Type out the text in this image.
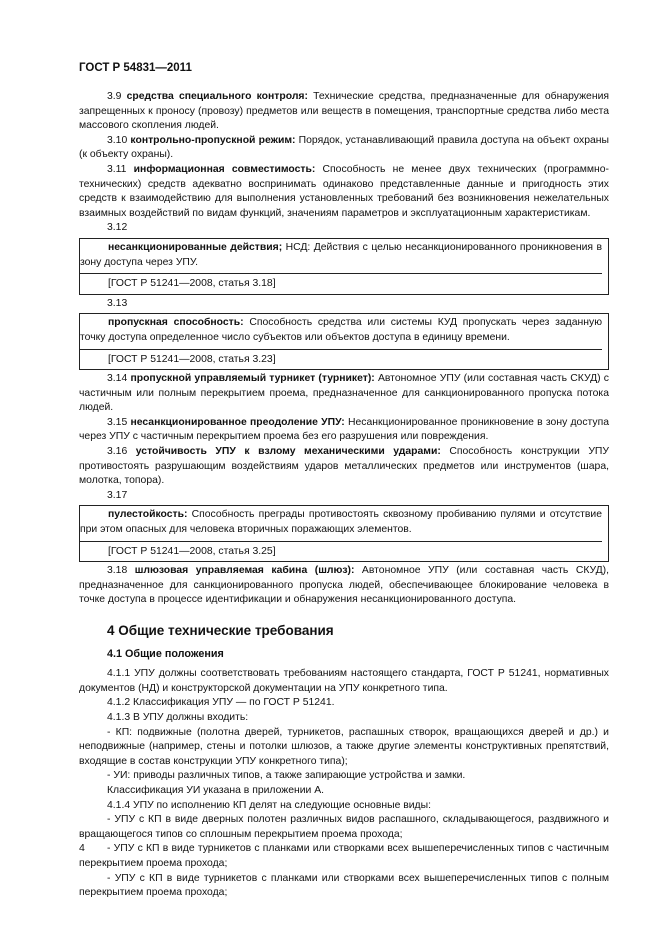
ГОСТ Р 54831—2011

3.9 средства специального контроля: Технические средства, предназначенные для обнаружения запрещенных к проносу (провозу) предметов или веществ в помещения, транспортные средства либо места массового скопления людей.

3.10 контрольно-пропускной режим: Порядок, устанавливающий правила доступа на объект охраны (к объекту охраны).

3.11 информационная совместимость: Способность не менее двух технических (программно-технических) средств адекватно воспринимать одинаково представленные данные и пригодность этих средств к взаимодействию для выполнения установленных требований без возникновения нежелательных взаимных воздействий по видам функций, значениям параметров и эксплуатационным характеристикам.

3.12

несанкционированные действия; НСД: Действия с целью несанкционированного проникновения в зону доступа через УПУ.

[ГОСТ Р 51241—2008, статья 3.18]

3.13

пропускная способность: Способность средства или системы КУД пропускать через заданную точку доступа определенное число субъектов или объектов доступа в единицу времени.

[ГОСТ Р 51241—2008, статья 3.23]

3.14 пропускной управляемый турникет (турникет): Автономное УПУ (или составная часть СКУД) с частичным или полным перекрытием проема, предназначенное для санкционированного пропуска потока людей.

3.15 несанкционированное преодоление УПУ: Несанкционированное проникновение в зону доступа через УПУ с частичным перекрытием проема без его разрушения или повреждения.

3.16 устойчивость УПУ к взлому механическими ударами: Способность конструкции УПУ противостоять разрушающим воздействиям ударов металлических предметов или инструментов (шара, молотка, топора).

3.17

пулестойкость: Способность преграды противостоять сквозному пробиванию пулями и отсутствие при этом опасных для человека вторичных поражающих элементов.

[ГОСТ Р 51241—2008, статья 3.25]

3.18 шлюзовая управляемая кабина (шлюз): Автономное УПУ (или составная часть СКУД), предназначенное для санкционированного пропуска людей, обеспечивающее блокирование человека в точке доступа в процессе идентификации и обнаружения несанкционированного доступа.

4 Общие технические требования
4.1 Общие положения

4.1.1 УПУ должны соответствовать требованиям настоящего стандарта, ГОСТ Р 51241, нормативных документов (НД) и конструкторской документации на УПУ конкретного типа.

4.1.2 Классификация УПУ — по ГОСТ Р 51241.

4.1.3 В УПУ должны входить:

- КП: подвижные (полотна дверей, турникетов, распашных створок, вращающихся дверей и др.) и неподвижные (например, стены и потолки шлюзов, а также другие элементы конструктивных препятствий, входящие в состав конструкции УПУ конкретного типа);

- УИ: приводы различных типов, а также запирающие устройства и замки.

Классификация УИ указана в приложении А.

4.1.4 УПУ по исполнению КП делят на следующие основные виды:

- УПУ с КП в виде дверных полотен различных видов распашного, складывающегося, раздвижного и вращающегося типов со сплошным перекрытием проема прохода;

- УПУ с КП в виде турникетов с планками или створками всех вышеперечисленных типов с частичным перекрытием проема прохода;

- УПУ с КП в виде турникетов с планками или створками всех вышеперечисленных типов с полным перекрытием проема прохода;

4
